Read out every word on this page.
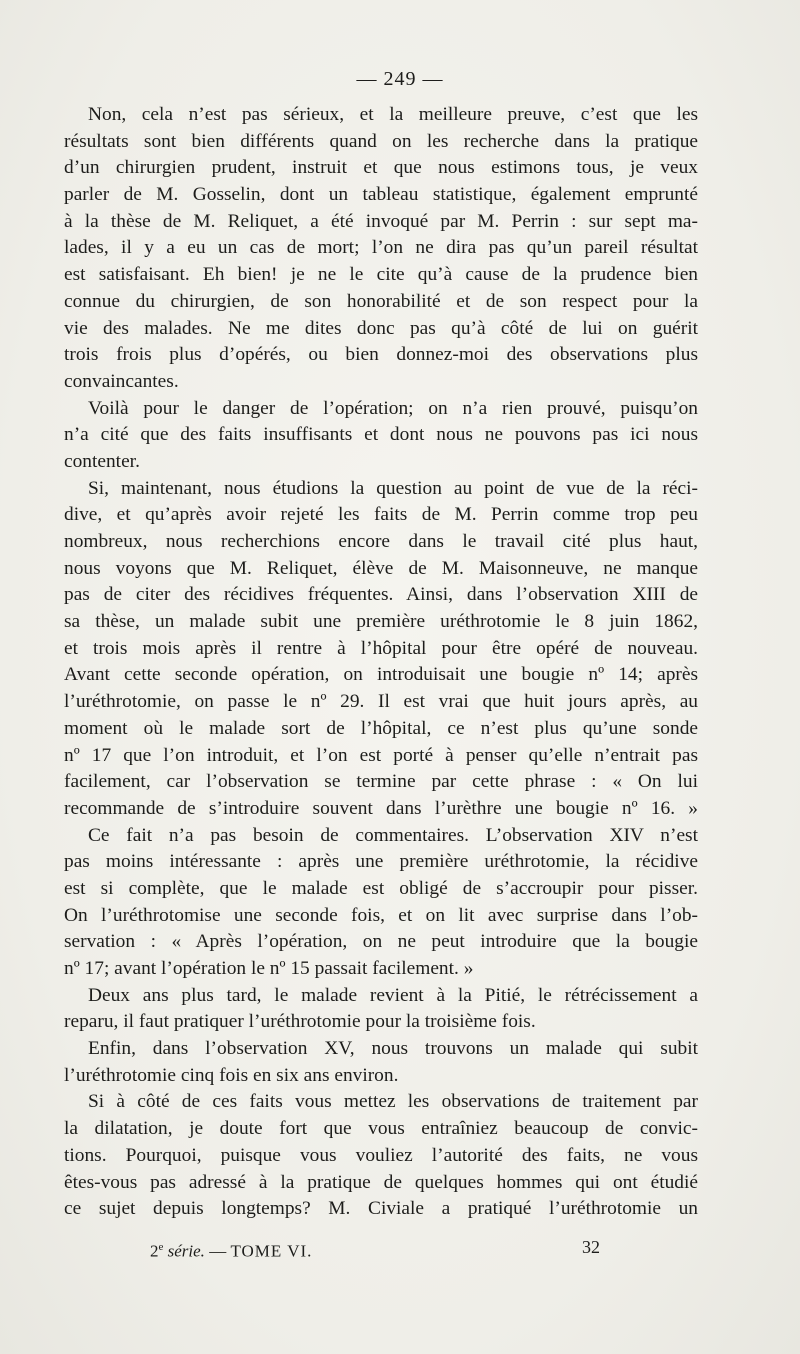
— 249 —
Non, cela n’est pas sérieux, et la meilleure preuve, c’est que les
résultats sont bien différents quand on les recherche dans la pratique
d’un chirurgien prudent, instruit et que nous estimons tous, je veux
parler de M. Gosselin, dont un tableau statistique, également emprunté
à la thèse de M. Reliquet, a été invoqué par M. Perrin : sur sept ma-
lades, il y a eu un cas de mort; l’on ne dira pas qu’un pareil résultat
est satisfaisant. Eh bien! je ne le cite qu’à cause de la prudence bien
connue du chirurgien, de son honorabilité et de son respect pour la
vie des malades. Ne me dites donc pas qu’à côté de lui on guérit
trois frois plus d’opérés, ou bien donnez-moi des observations plus
convaincantes.
Voilà pour le danger de l’opération; on n’a rien prouvé, puisqu’on
n’a cité que des faits insuffisants et dont nous ne pouvons pas ici nous
contenter.
Si, maintenant, nous étudions la question au point de vue de la réci-
dive, et qu’après avoir rejeté les faits de M. Perrin comme trop peu
nombreux, nous recherchions encore dans le travail cité plus haut,
nous voyons que M. Reliquet, élève de M. Maisonneuve, ne manque
pas de citer des récidives fréquentes. Ainsi, dans l’observation XIII de
sa thèse, un malade subit une première uréthrotomie le 8 juin 1862,
et trois mois après il rentre à l’hôpital pour être opéré de nouveau.
Avant cette seconde opération, on introduisait une bougie nº 14; après
l’uréthrotomie, on passe le nº 29. Il est vrai que huit jours après, au
moment où le malade sort de l’hôpital, ce n’est plus qu’une sonde
nº 17 que l’on introduit, et l’on est porté à penser qu’elle n’entrait pas
facilement, car l’observation se termine par cette phrase : « On lui
recommande de s’introduire souvent dans l’urèthre une bougie nº 16. »
Ce fait n’a pas besoin de commentaires. L’observation XIV n’est
pas moins intéressante : après une première uréthrotomie, la récidive
est si complète, que le malade est obligé de s’accroupir pour pisser.
On l’uréthrotomise une seconde fois, et on lit avec surprise dans l’ob-
servation : « Après l’opération, on ne peut introduire que la bougie
nº 17; avant l’opération le nº 15 passait facilement. »
Deux ans plus tard, le malade revient à la Pitié, le rétrécissement a
reparu, il faut pratiquer l’uréthrotomie pour la troisième fois.
Enfin, dans l’observation XV, nous trouvons un malade qui subit
l’uréthrotomie cinq fois en six ans environ.
Si à côté de ces faits vous mettez les observations de traitement par
la dilatation, je doute fort que vous entraîniez beaucoup de convic-
tions. Pourquoi, puisque vous vouliez l’autorité des faits, ne vous
êtes-vous pas adressé à la pratique de quelques hommes qui ont étudié
ce sujet depuis longtemps? M. Civiale a pratiqué l’uréthrotomie un
2e série. — TOME VI.	32
